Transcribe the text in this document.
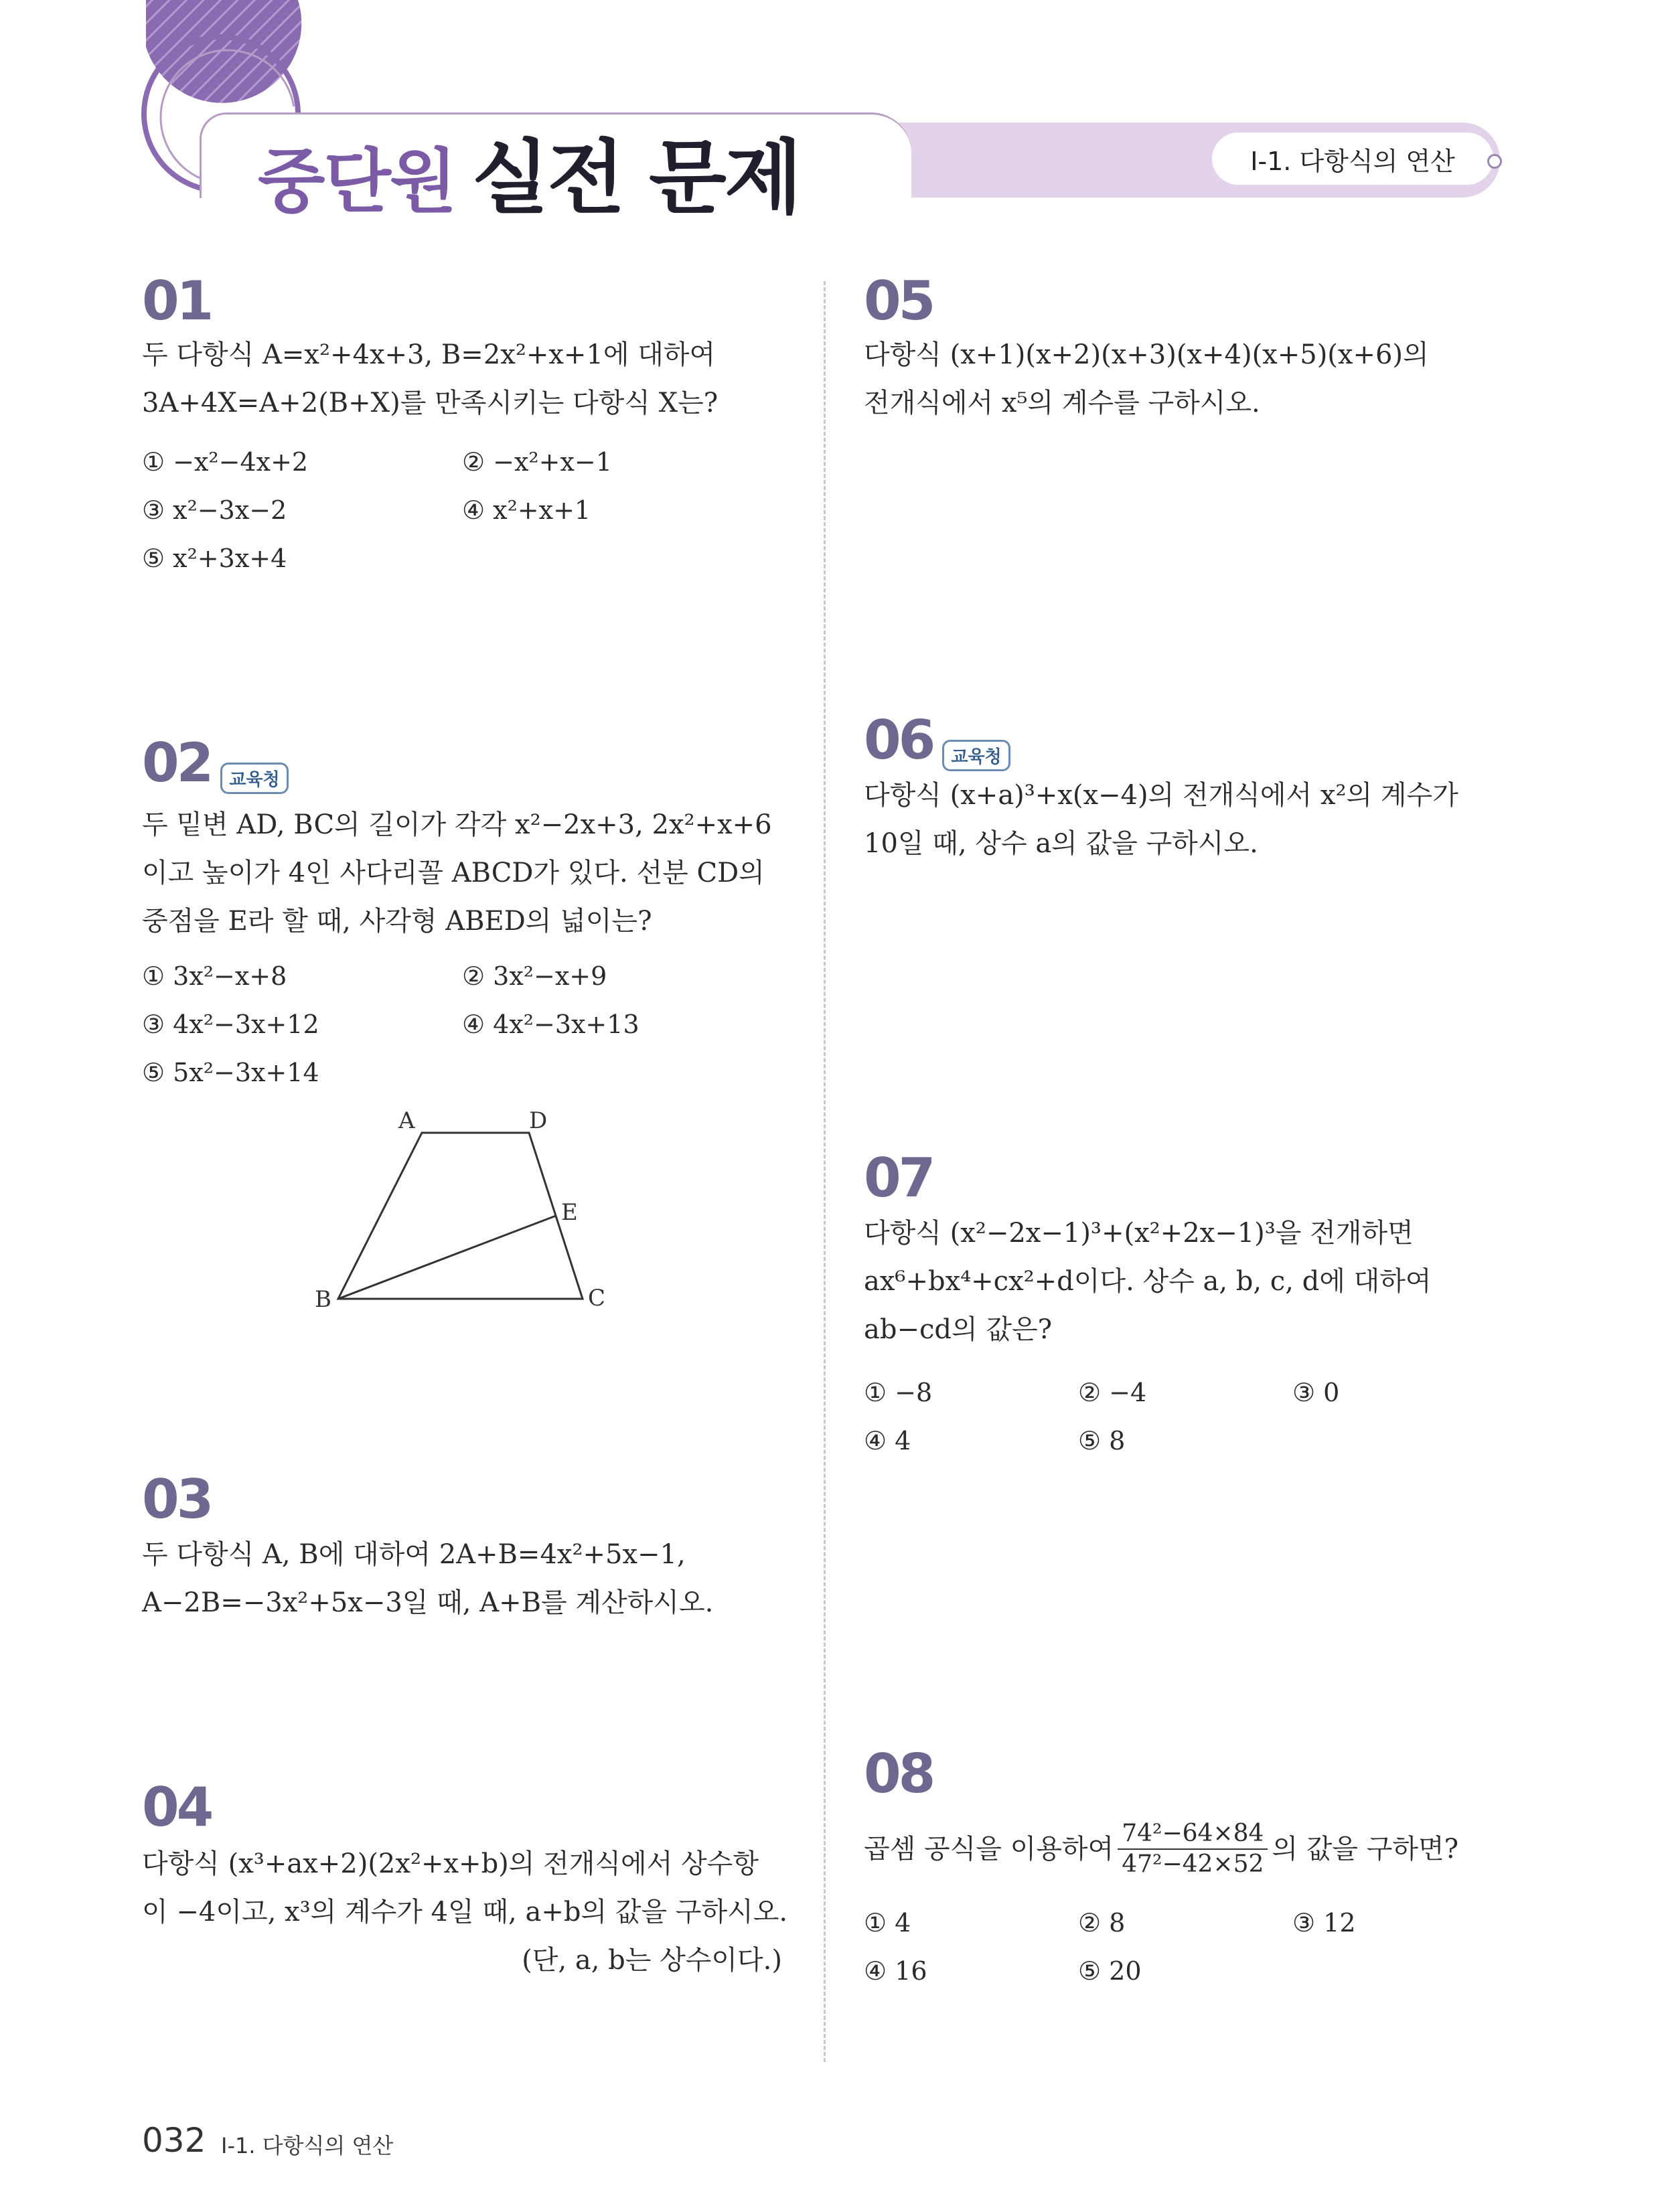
중단원 실전 문제	Ⅰ-1. 다항식의 연산
01
두 다항식 A=x²+4x+3, B=2x²+x+1에 대하여
3A+4X=A+2(B+X)를 만족시키는 다항식 X는?
① −x²−4x+2	② −x²+x−1
③ x²−3x−2	④ x²+x+1
⑤ x²+3x+4
02 교육청
두 밑변 AD, BC의 길이가 각각 x²−2x+3, 2x²+x+6
이고 높이가 4인 사다리꼴 ABCD가 있다. 선분 CD의
중점을 E라 할 때, 사각형 ABED의 넓이는?
① 3x²−x+8	② 3x²−x+9
③ 4x²−3x+12	④ 4x²−3x+13
⑤ 5x²−3x+14
A	D
E
B	C
03
두 다항식 A, B에 대하여 2A+B=4x²+5x−1,
A−2B=−3x²+5x−3일 때, A+B를 계산하시오.
04
다항식 (x³+ax+2)(2x²+x+b)의 전개식에서 상수항
이 −4이고, x³의 계수가 4일 때, a+b의 값을 구하시오.
(단, a, b는 상수이다.)
05
다항식 (x+1)(x+2)(x+3)(x+4)(x+5)(x+6)의
전개식에서 x⁵의 계수를 구하시오.
06 교육청
다항식 (x+a)³+x(x−4)의 전개식에서 x²의 계수가
10일 때, 상수 a의 값을 구하시오.
07
다항식 (x²−2x−1)³+(x²+2x−1)³을 전개하면
ax⁶+bx⁴+cx²+d이다. 상수 a, b, c, d에 대하여
ab−cd의 값은?
① −8	② −4	③ 0
④ 4	⑤ 8
08
곱셈 공식을 이용하여 $\frac{\text{74²−64×84}}{\text{47²−42×52}}$ 의 값을 구하면?
① 4	② 8	③ 12
④ 16	⑤ 20
032 Ⅰ-1. 다항식의 연산
